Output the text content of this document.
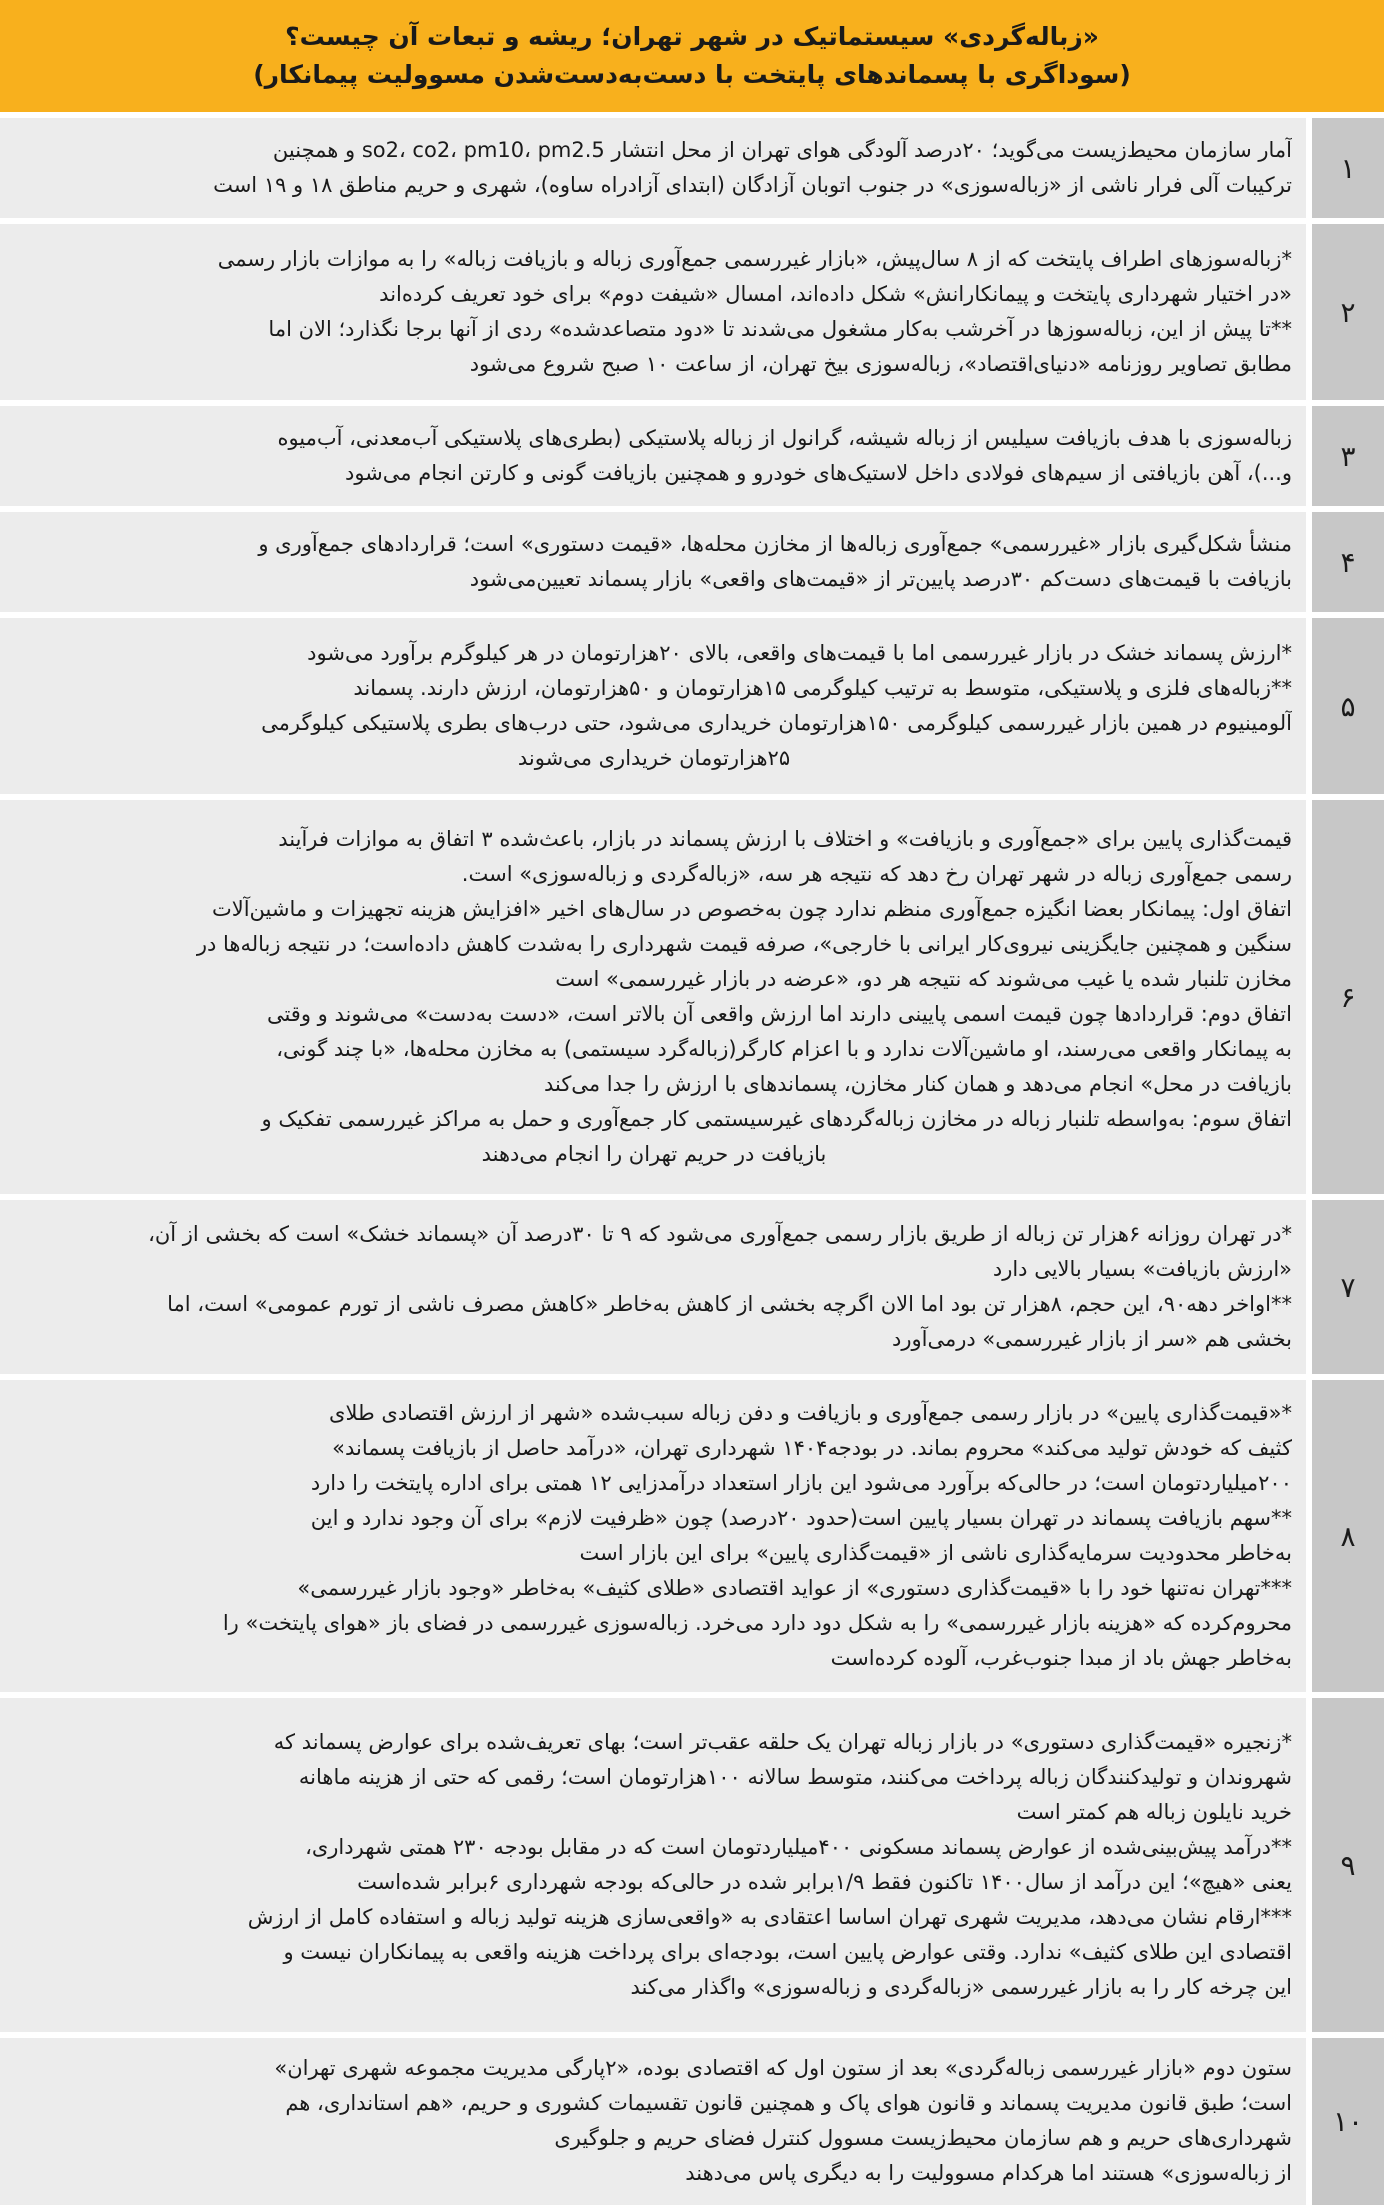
«زباله‌گردی» سیستماتیک در شهر تهران؛ ریشه و تبعات آن چیست؟
(سوداگری با پسماندهای پایتخت با دست‌به‌دست‌شدن مسوولیت پیمانکار)
آمار سازمان محیط‌زیست می‌گوید؛ ۲۰درصد آلودگی هوای تهران از محل انتشار so2، co2، pm10، pm2.5 و همچنین
ترکیبات آلی فرار ناشی از «زباله‌سوزی» در جنوب اتوبان آزادگان (ابتدای آزادراه ساوه)، شهری و حریم مناطق ۱۸ و ۱۹ است
۱
*زباله‌سوزهای اطراف پایتخت که از ۸ سال‌پیش، «بازار غیررسمی جمع‌آوری زباله و بازیافت زباله» را به موازات بازار رسمی
«در اختیار شهرداری پایتخت و پیمانکارانش» شکل داده‌اند، امسال «شیفت دوم» برای خود تعریف کرده‌اند
**تا پیش از این، زباله‌سوزها در آخرشب به‌کار مشغول می‌شدند تا «دود متصاعدشده» ردی از آنها برجا نگذارد؛ الان اما
مطابق تصاویر روزنامه «دنیای‌اقتصاد»، زباله‌سوزی بیخ تهران، از ساعت ۱۰ صبح شروع می‌شود
۲
زباله‌سوزی با هدف بازیافت سیلیس از زباله شیشه، گرانول از زباله پلاستیکی (بطری‌های پلاستیکی آب‌معدنی، آب‌میوه
و...)، آهن بازیافتی از سیم‌های فولادی داخل لاستیک‌های خودرو و همچنین بازیافت گونی و کارتن انجام می‌شود
۳
منشأ شکل‌گیری بازار «غیررسمی» جمع‌آوری زباله‌ها از مخازن محله‌ها، «قیمت دستوری» است؛ قراردادهای جمع‌آوری و
بازیافت با قیمت‌های دست‌کم ۳۰درصد پایین‌تر از «قیمت‌های واقعی» بازار پسماند تعیین‌می‌شود
۴
*ارزش پسماند خشک در بازار غیررسمی اما با قیمت‌های واقعی، بالای ۲۰هزارتومان در هر کیلوگرم برآورد می‌شود
**زباله‌های فلزی و پلاستیکی، متوسط به ترتیب کیلوگرمی ۱۵هزارتومان و ۵۰هزارتومان، ارزش دارند. پسماند
آلومینیوم در همین بازار غیررسمی کیلوگرمی ۱۵۰هزارتومان خریداری می‌شود، حتی درب‌های بطری پلاستیکی کیلوگرمی
۲۵هزارتومان خریداری می‌شوند
۵
قیمت‌گذاری پایین برای «جمع‌آوری و بازیافت» و اختلاف با ارزش پسماند در بازار، باعث‌شده ۳ اتفاق به موازات فرآیند
رسمی جمع‌آوری زباله در شهر تهران رخ دهد که نتیجه هر سه، «زباله‌گردی و زباله‌سوزی» است.
اتفاق اول: پیمانکار بعضا انگیزه جمع‌آوری منظم ندارد چون به‌خصوص در سال‌های اخیر «افزایش هزینه تجهیزات و ماشین‌آلات
سنگین و همچنین جایگزینی نیروی‌کار ایرانی با خارجی»، صرفه قیمت شهرداری را به‌شدت کاهش داده‌است؛ در نتیجه زباله‌ها در
مخازن تلنبار شده یا غیب می‌شوند که نتیجه هر دو، «عرضه در بازار غیررسمی» است
اتفاق دوم: قراردادها چون قیمت اسمی پایینی دارند اما ارزش واقعی آن بالاتر است، «دست به‌دست» می‌شوند و وقتی
به پیمانکار واقعی می‌رسند، او ماشین‌آلات ندارد و با اعزام کارگر(زباله‌گرد سیستمی) به مخازن محله‌ها، «با چند گونی،
بازیافت در محل» انجام می‌دهد و همان کنار مخازن، پسماندهای با ارزش را جدا می‌کند
اتفاق سوم: به‌واسطه تلنبار زباله در مخازن زباله‌گردهای غیرسیستمی کار جمع‌آوری و حمل به مراکز غیررسمی تفکیک و
بازیافت در حریم تهران را انجام می‌دهند
۶
*در تهران روزانه ۶هزار تن زباله از طریق بازار رسمی جمع‌آوری می‌شود که ۹ تا ۳۰درصد آن «پسماند خشک» است که بخشی از آن،
«ارزش بازیافت» بسیار بالایی دارد
**اواخر دهه۹۰، این حجم، ۸هزار تن بود اما الان اگرچه بخشی از کاهش به‌خاطر «کاهش مصرف ناشی از تورم عمومی» است، اما
بخشی هم «سر از بازار غیررسمی» درمی‌آورد
۷
*«قیمت‌گذاری پایین» در بازار رسمی جمع‌آوری و بازیافت و دفن زباله سبب‌شده «شهر از ارزش اقتصادی طلای
کثیف که خودش تولید می‌کند» محروم بماند. در بودجه۱۴۰۴ شهرداری تهران، «درآمد حاصل از بازیافت پسماند»
۲۰۰میلیاردتومان است؛ در حالی‌که برآورد می‌شود این بازار استعداد درآمدزایی ۱۲ همتی برای اداره پایتخت را دارد
**سهم بازیافت پسماند در تهران بسیار پایین است(حدود ۲۰درصد) چون «ظرفیت لازم» برای آن وجود ندارد و این
به‌خاطر محدودیت سرمایه‌گذاری ناشی از «قیمت‌گذاری پایین» برای این بازار است
***تهران نه‌تنها خود را با «قیمت‌گذاری دستوری» از عواید اقتصادی «طلای کثیف» به‌خاطر «وجود بازار غیررسمی»
محروم‌کرده که «هزینه بازار غیررسمی» را به شکل دود دارد می‌خرد. زباله‌سوزی غیررسمی در فضای باز «هوای پایتخت» را
به‌خاطر جهش باد از مبدا جنوب‌غرب، آلوده کرده‌است
۸
*زنجیره «قیمت‌گذاری دستوری» در بازار زباله تهران یک حلقه عقب‌تر است؛ بهای تعریف‌شده برای عوارض پسماند که
شهروندان و تولیدکنندگان زباله پرداخت می‌کنند، متوسط سالانه ۱۰۰هزارتومان است؛ رقمی که حتی از هزینه ماهانه
خرید نایلون زباله هم کمتر است
**درآمد پیش‌بینی‌شده از عوارض پسماند مسکونی ۴۰۰میلیاردتومان است که در مقابل بودجه ۲۳۰ همتی شهرداری،
یعنی «هیچ»؛ این درآمد از سال۱۴۰۰ تاکنون فقط ۱/۹برابر شده در حالی‌که بودجه شهرداری ۶برابر شده‌است
***ارقام نشان می‌دهد، مدیریت شهری تهران اساسا اعتقادی به «واقعی‌سازی هزینه تولید زباله و استفاده کامل از ارزش
اقتصادی این طلای کثیف» ندارد. وقتی عوارض پایین است، بودجه‌ای برای پرداخت هزینه واقعی به پیمانکاران نیست و
این چرخه کار را به بازار غیررسمی «زباله‌گردی و زباله‌سوزی» واگذار می‌کند
۹
ستون دوم «بازار غیررسمی زباله‌گردی» بعد از ستون اول که اقتصادی بوده، «۲پارگی مدیریت مجموعه شهری تهران»
است؛ طبق قانون مدیریت پسماند و قانون هوای پاک و همچنین قانون تقسیمات کشوری و حریم، «هم استانداری، هم
شهرداری‌های حریم و هم سازمان محیط‌زیست مسوول کنترل فضای حریم و جلوگیری
از زباله‌سوزی» هستند اما هرکدام مسوولیت را به دیگری پاس می‌دهند
۱۰
